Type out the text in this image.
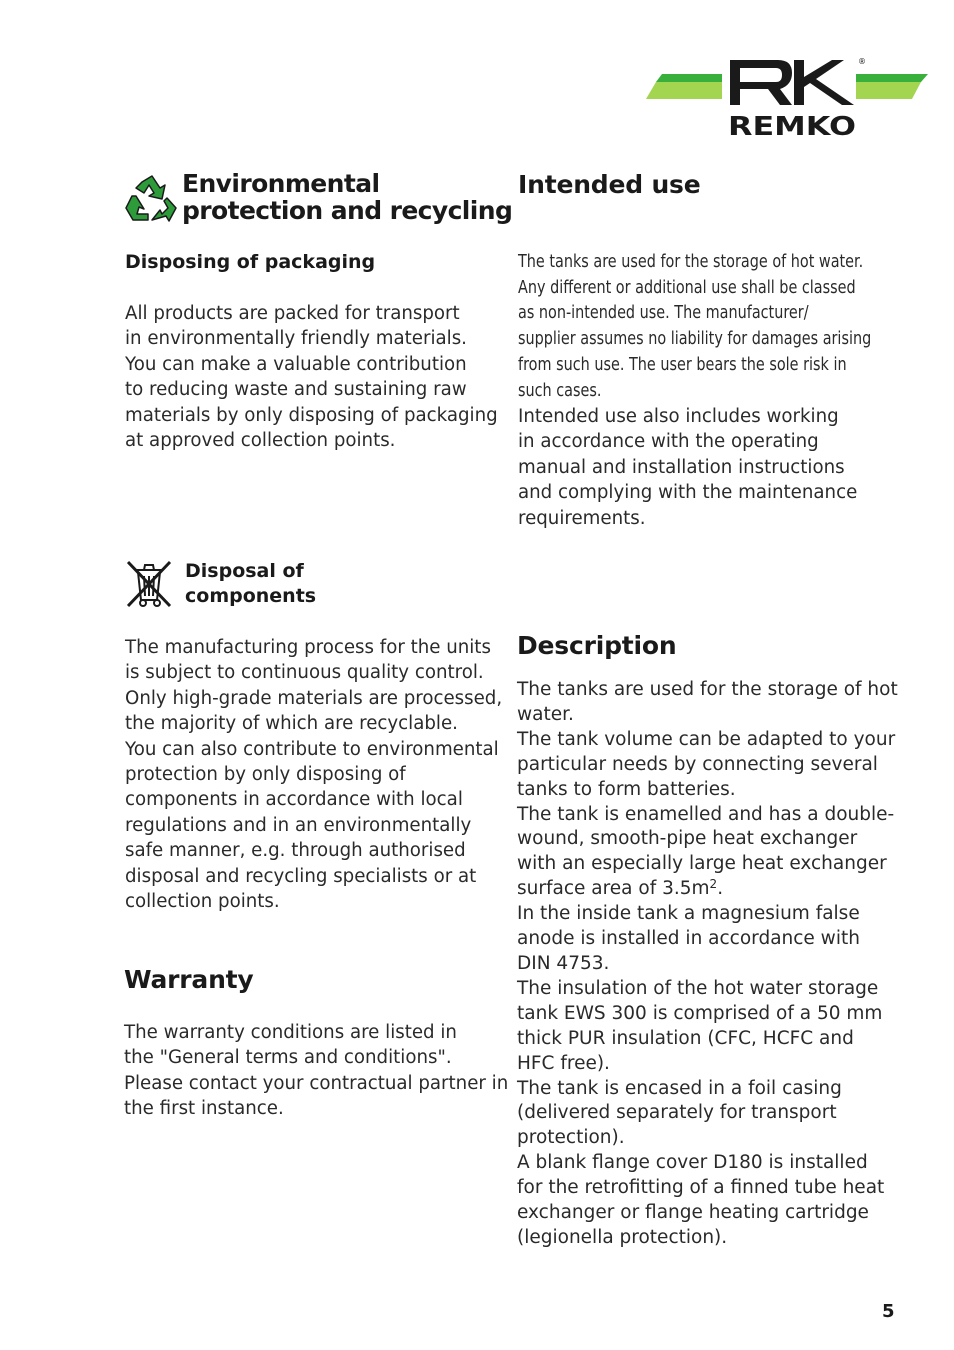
REMKO
®
Environmental
protection and recycling
Disposing of packaging
All products are packed for transport
in environmentally friendly materials.
You can make a valuable contribution
to reducing waste and sustaining raw
materials by only disposing of packaging
at approved collection points.
Disposal of
components
The manufacturing process for the units
is subject to continuous quality control.
Only high-grade materials are processed,
the majority of which are recyclable.
You can also contribute to environmental
protection by only disposing of
components in accordance with local
regulations and in an environmentally
safe manner, e.g. through authorised
disposal and recycling specialists or at
collection points.
Warranty
The warranty conditions are listed in
the "General terms and conditions".
Please contact your contractual partner in
the first instance.
Intended use
The tanks are used for the storage of hot water.
Any different or additional use shall be classed
as non-intended use. The manufacturer/
supplier assumes no liability for damages arising
from such use. The user bears the sole risk in
such cases.
Intended use also includes working
in accordance with the operating
manual and installation instructions
and complying with the maintenance
requirements.
Description
The tanks are used for the storage of hot
water.
The tank volume can be adapted to your
particular needs by connecting several
tanks to form batteries.
The tank is enamelled and has a double-
wound, smooth-pipe heat exchanger
with an especially large heat exchanger
surface area of $3.5m^2$.
In the inside tank a magnesium false
anode is installed in accordance with
DIN 4753.
The insulation of the hot water storage
tank EWS 300 is comprised of a 50 mm
thick PUR insulation (CFC, HCFC and
HFC free).
The tank is encased in a foil casing
(delivered separately for transport
protection).
A blank flange cover D180 is installed
for the retrofitting of a finned tube heat
exchanger or flange heating cartridge
(legionella protection).
5
